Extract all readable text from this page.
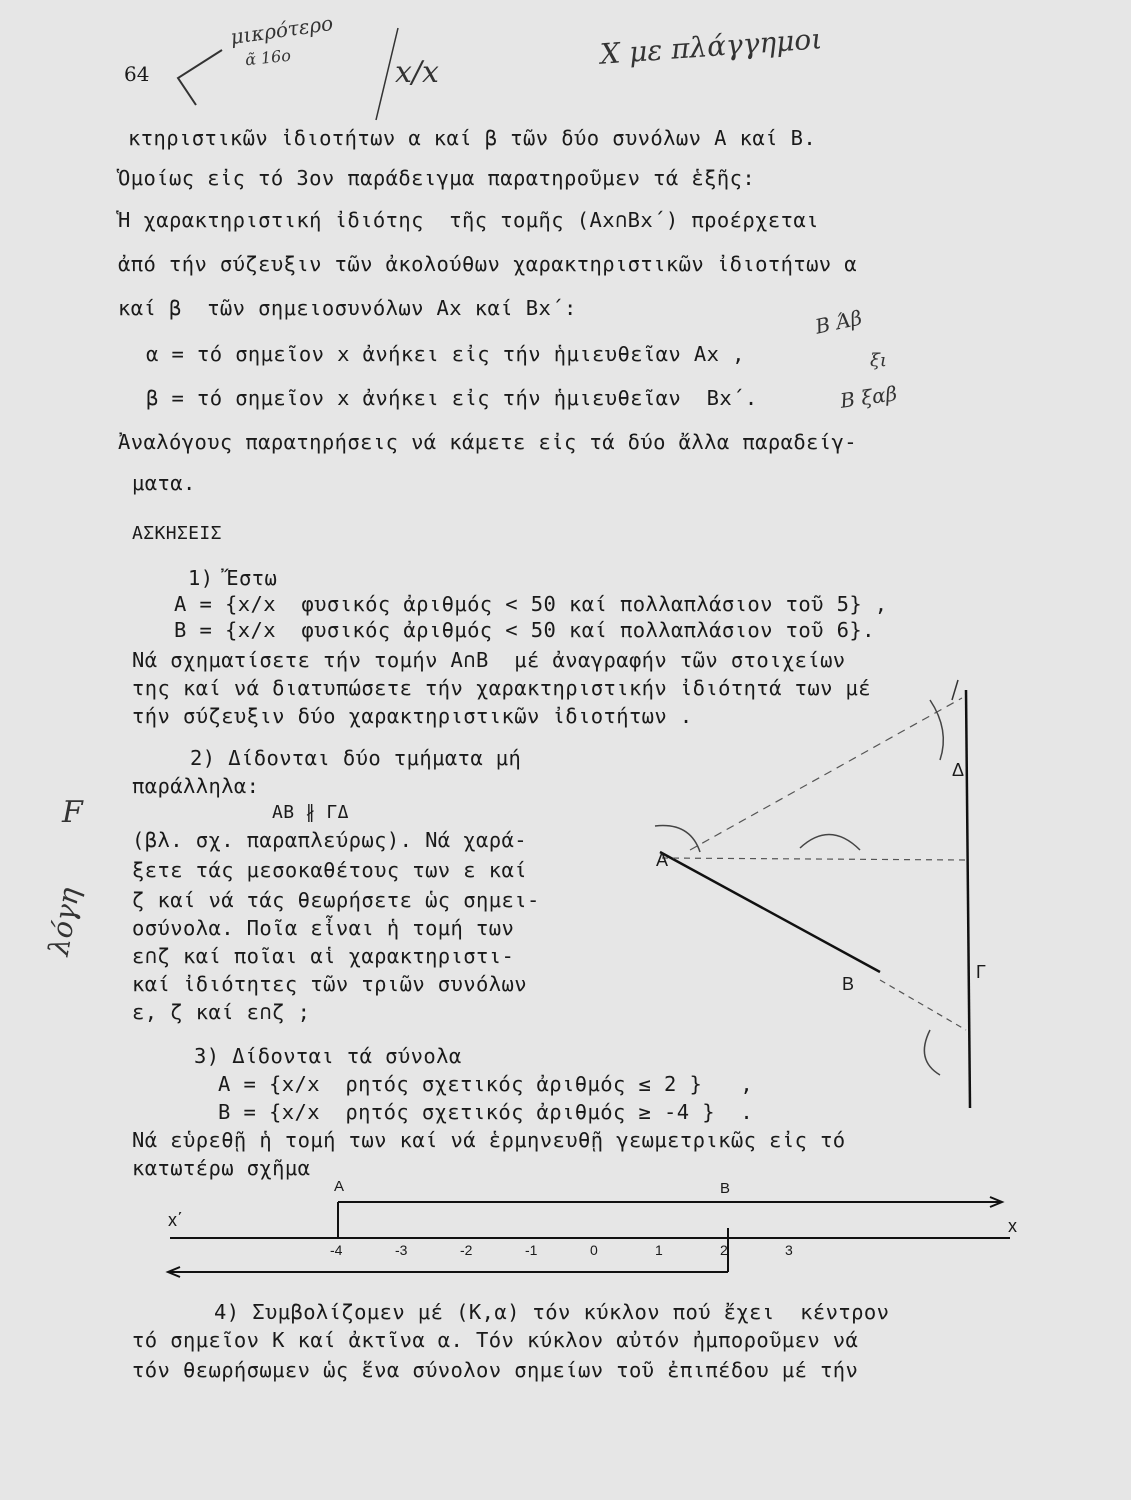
64
μικρότερο
ᾶ 16ο	x/x
X με πλάγγημοι
F
λόγη
Β Άβ
ξι
Β ξαβ
κτηριστικῶν ἰδιοτήτων α καί β τῶν δύο συνόλων Α καί Β.
Ὁμοίως εἰς τό 3ον παράδειγμα παρατηροῦμεν τά ἑξῆς:
Ἡ χαρακτηριστική ἰδιότης  τῆς τομῆς (Ax∩Bx΄) προέρχεται
ἀπό τήν σύζευξιν τῶν ἀκολούθων χαρακτηριστικῶν ἰδιοτήτων α
καί β  τῶν σημειοσυνόλων Ax καί Bx΄:
α = τό σημεῖον x ἀνήκει εἰς τήν ἡμιευθεῖαν Ax ,
β = τό σημεῖον x ἀνήκει εἰς τήν ἡμιευθεῖαν  Bx΄.
Ἀναλόγους παρατηρήσεις νά κάμετε εἰς τά δύο ἄλλα παραδείγ-
ματα.
ΑΣΚΗΣΕΙΣ
1) Ἔστω
A = {x/x  φυσικός ἀριθμός < 50 καί πολλαπλάσιον τοῦ 5} ,
B = {x/x  φυσικός ἀριθμός < 50 καί πολλαπλάσιον τοῦ 6}.
Νά σχηματίσετε τήν τομήν A∩B  μέ ἀναγραφήν τῶν στοιχείων
της καί νά διατυπώσετε τήν χαρακτηριστικήν ἰδιότητά των μέ
τήν σύζευξιν δύο χαρακτηριστικῶν ἰδιοτήτων .
2) Δίδονται δύο τμήματα μή
παράλληλα:
AB ∦ ΓΔ
(βλ. σχ. παραπλεύρως). Νά χαρά-
ξετε τάς μεσοκαθέτους των ε καί
ζ καί νά τάς θεωρήσετε ὡς σημει-
οσύνολα. Ποῖα εἶναι ἡ τομή των
ε∩ζ καί ποῖαι αἱ χαρακτηριστι-
καί ἰδιότητες τῶν τριῶν συνόλων
ε, ζ καί ε∩ζ ;
3) Δίδονται τά σύνολα
A = {x/x  ρητός σχετικός ἀριθμός ≤ 2 }   ,
B = {x/x  ρητός σχετικός ἀριθμός ≥ -4 }  .
Νά εὑρεθῇ ἡ τομή των καί νά ἑρμηνευθῇ γεωμετρικῶς εἰς τό
κατωτέρω σχῆμα
4) Συμβολίζομεν μέ (K,α) τόν κύκλον πού ἔχει  κέντρον
τό σημεῖον K καί ἀκτῖνα α. Τόν κύκλον αὐτόν ἠμποροῦμεν νά
τόν θεωρήσωμεν ὡς ἕνα σύνολον σημείων τοῦ ἐπιπέδου μέ τήν
A
B
Γ
Δ
x΄	x
A	B
-4	-3	-2	-1	0	1	2	3
